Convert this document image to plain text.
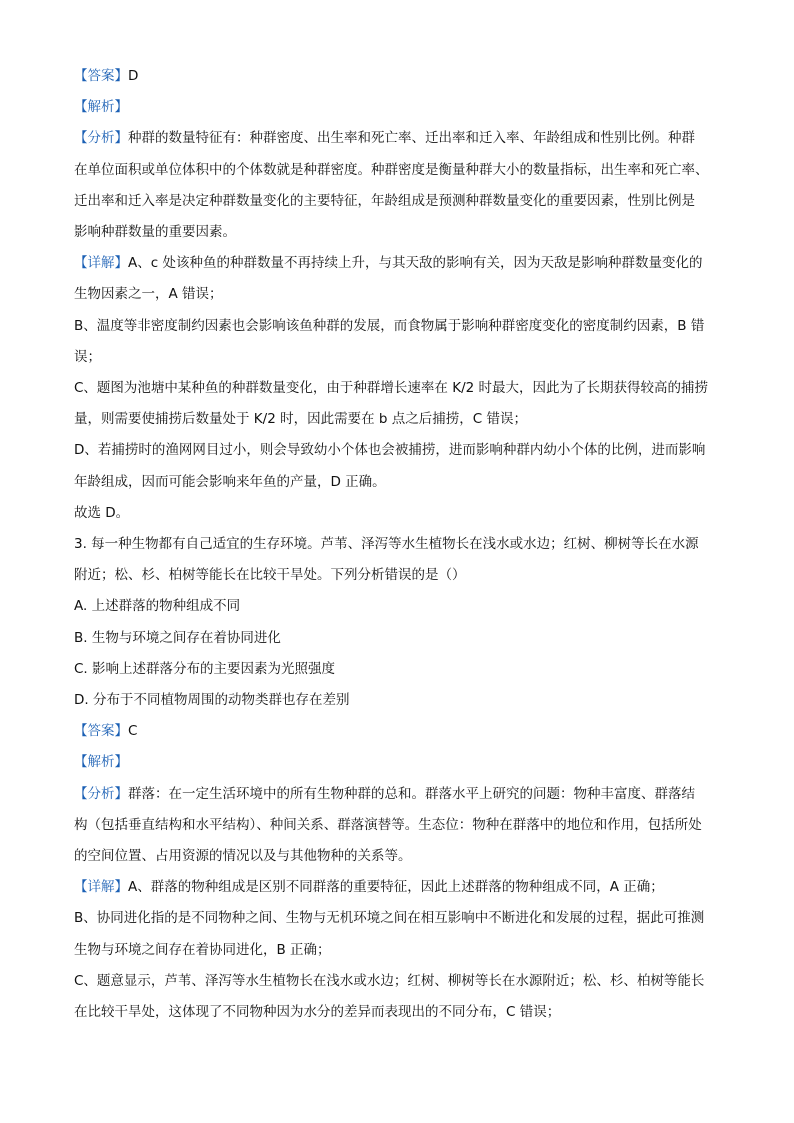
【答案】D
【解析】
【分析】种群的数量特征有：种群密度、出生率和死亡率、迁出率和迁入率、年龄组成和性别比例。种群
在单位面积或单位体积中的个体数就是种群密度。种群密度是衡量种群大小的数量指标，出生率和死亡率、
迁出率和迁入率是决定种群数量变化的主要特征，年龄组成是预测种群数量变化的重要因素，性别比例是
影响种群数量的重要因素。
【详解】A、c 处该种鱼的种群数量不再持续上升，与其天敌的影响有关，因为天敌是影响种群数量变化的
生物因素之一，A 错误；
B、温度等非密度制约因素也会影响该鱼种群的发展，而食物属于影响种群密度变化的密度制约因素，B 错
误；
C、题图为池塘中某种鱼的种群数量变化，由于种群增长速率在 K/2 时最大，因此为了长期获得较高的捕捞
量，则需要使捕捞后数量处于 K/2 时，因此需要在 b 点之后捕捞，C 错误；
D、若捕捞时的渔网网目过小，则会导致幼小个体也会被捕捞，进而影响种群内幼小个体的比例，进而影响
年龄组成，因而可能会影响来年鱼的产量，D 正确。
故选 D。
3. 每一种生物都有自己适宜的生存环境。芦苇、泽泻等水生植物长在浅水或水边；红树、柳树等长在水源
附近；松、杉、柏树等能长在比较干旱处。下列分析错误的是（）
A. 上述群落的物种组成不同
B. 生物与环境之间存在着协同进化
C. 影响上述群落分布的主要因素为光照强度
D. 分布于不同植物周围的动物类群也存在差别
【答案】C
【解析】
【分析】群落：在一定生活环境中的所有生物种群的总和。群落水平上研究的问题：物种丰富度、群落结
构（包括垂直结构和水平结构）、种间关系、群落演替等。生态位：物种在群落中的地位和作用，包括所处
的空间位置、占用资源的情况以及与其他物种的关系等。
【详解】A、群落的物种组成是区别不同群落的重要特征，因此上述群落的物种组成不同，A 正确；
B、协同进化指的是不同物种之间、生物与无机环境之间在相互影响中不断进化和发展的过程，据此可推测
生物与环境之间存在着协同进化，B 正确；
C、题意显示，芦苇、泽泻等水生植物长在浅水或水边；红树、柳树等长在水源附近；松、杉、柏树等能长
在比较干旱处，这体现了不同物种因为水分的差异而表现出的不同分布，C 错误；
